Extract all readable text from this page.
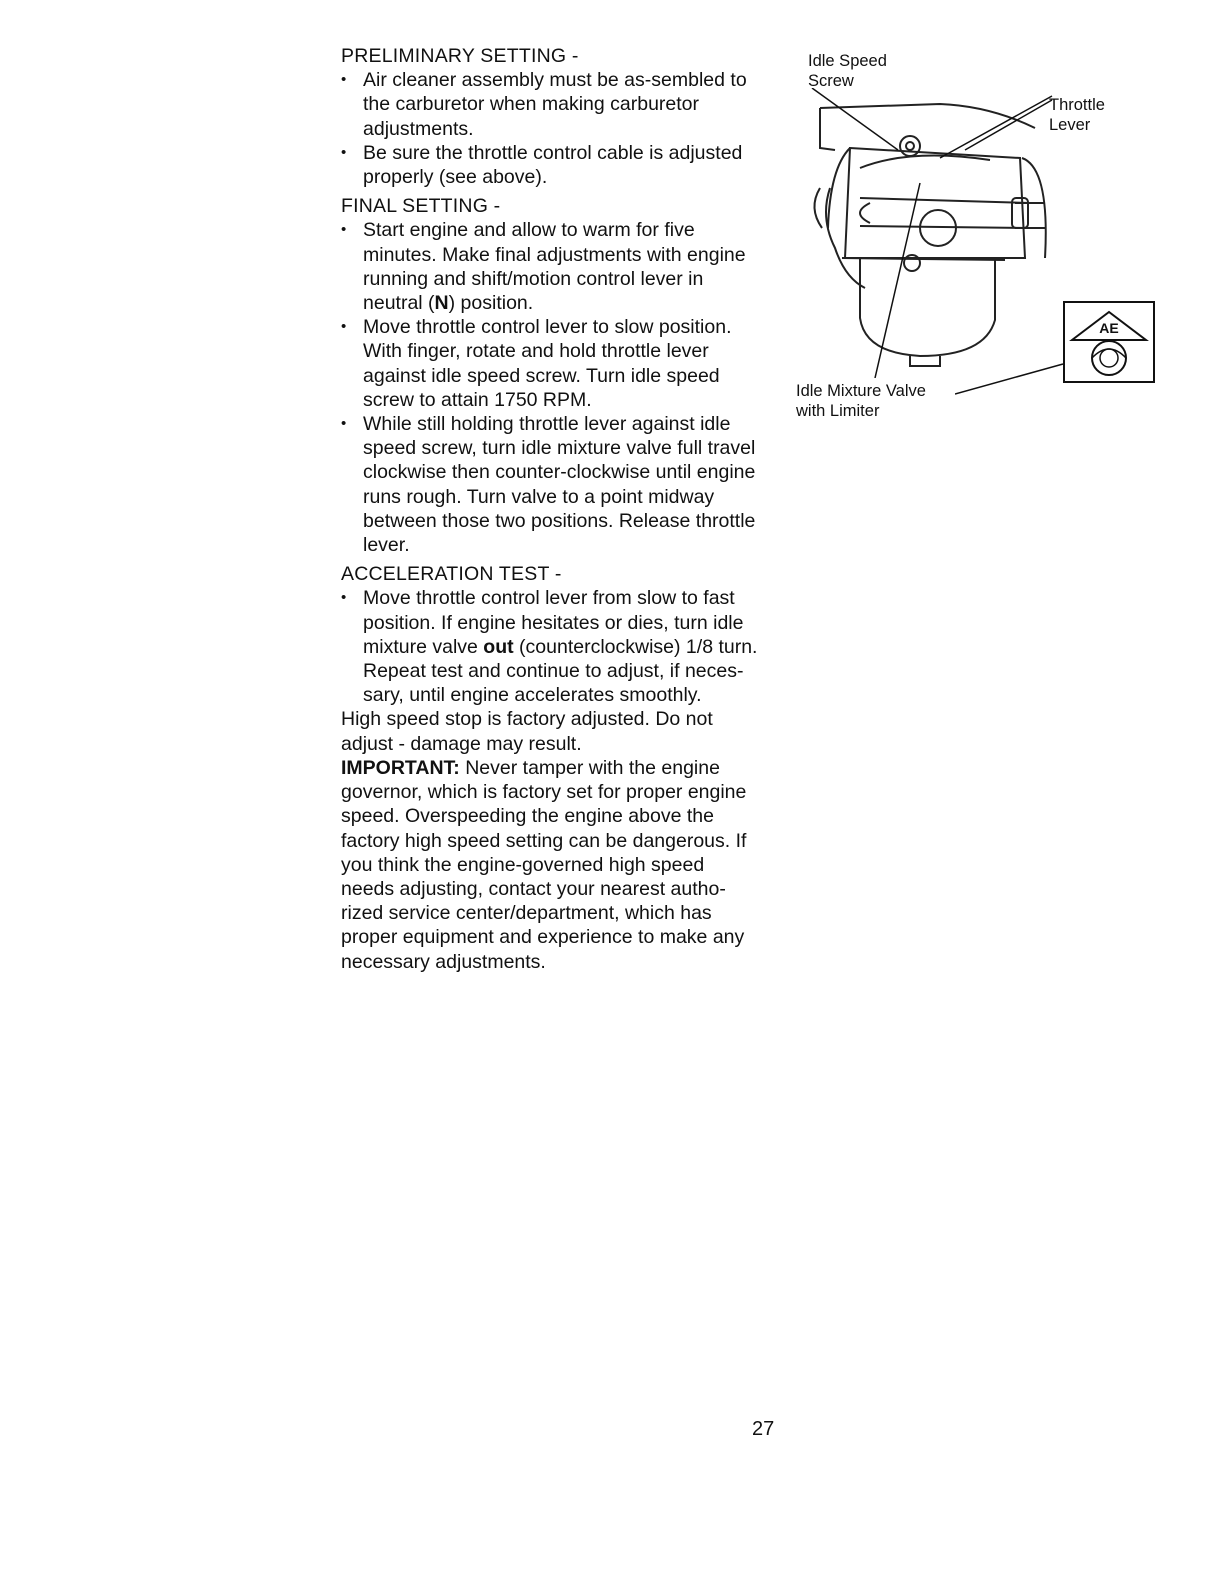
PRELIMINARY SETTING -
• Air cleaner assembly must be as-sembled to the carburetor when making carburetor adjustments.
• Be sure the throttle control cable is adjusted properly (see above).
FINAL SETTING -
• Start engine and allow to warm for five minutes. Make final adjustments with engine running and shift/motion control lever in neutral (N) position.
• Move throttle control lever to slow position. With finger, rotate and hold throttle lever against idle speed screw. Turn idle speed screw to attain 1750 RPM.
• While still holding throttle lever against idle speed screw, turn idle mixture valve full travel clockwise then counter-clockwise until engine runs rough. Turn valve to a point midway between those two positions. Release throttle lever.
ACCELERATION TEST -
• Move throttle control lever from slow to fast position. If engine hesitates or dies, turn idle mixture valve out (counterclockwise) 1/8 turn. Repeat test and continue to adjust, if neces-sary, until engine accelerates smoothly.

High speed stop is factory adjusted. Do not adjust - damage may result.

IMPORTANT: Never tamper with the engine governor, which is factory set for proper engine speed. Overspeeding the engine above the factory high speed setting can be dangerous. If you think the engine-governed high speed needs adjusting, contact your nearest autho-rized service center/department, which has proper equipment and experience to make any necessary adjustments.

AE
Idle Speed
Screw
Throttle
Lever
Idle Mixture Valve
with Limiter
27
